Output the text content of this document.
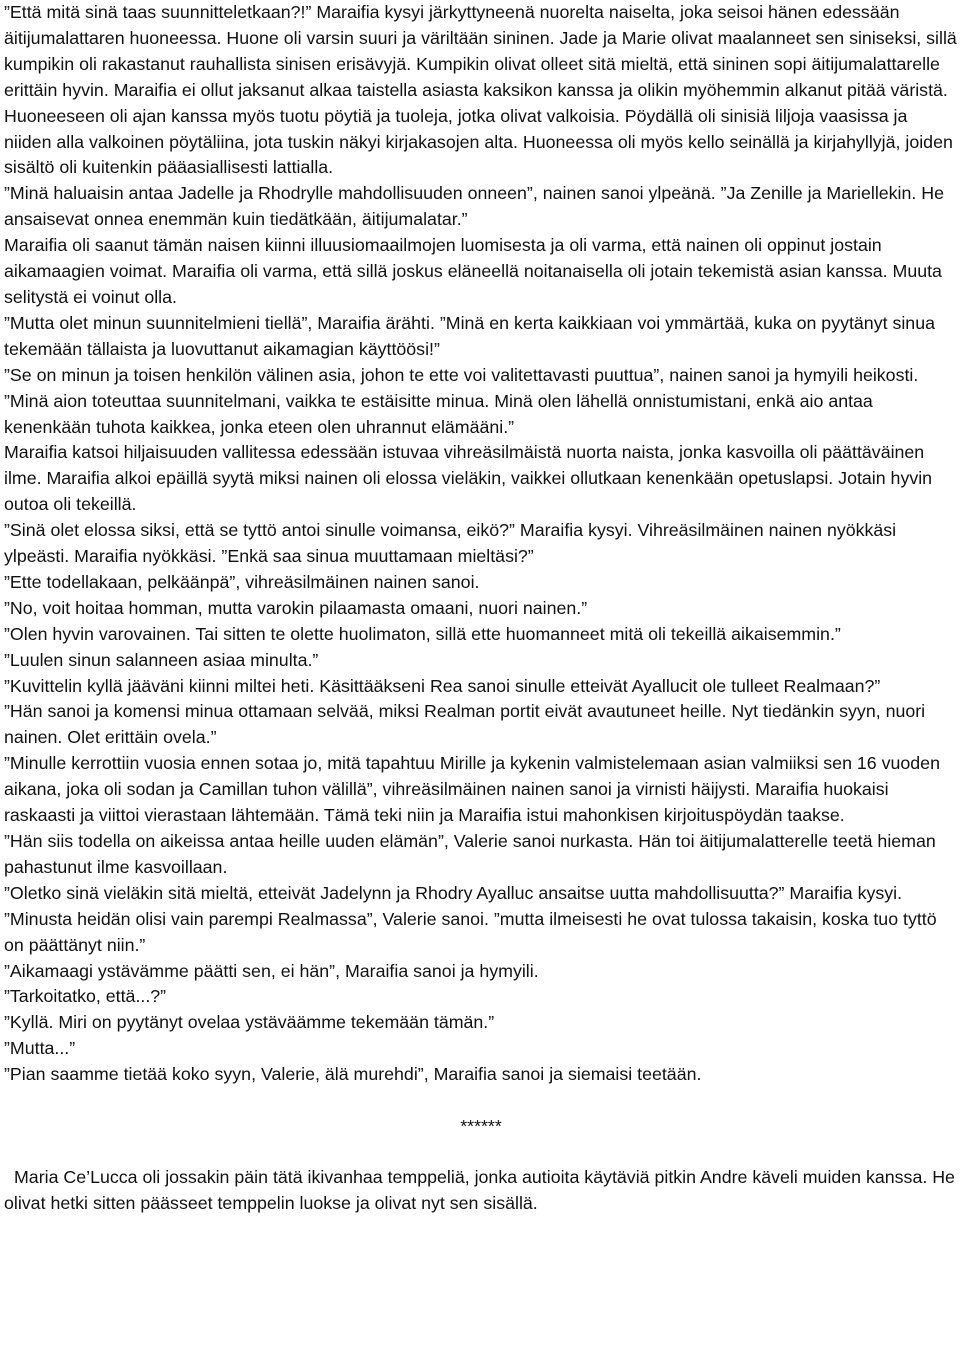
”Että mitä sinä taas suunnitteletkaan?!” Maraifia kysyi järkyttyneenä nuorelta naiselta, joka seisoi hänen edessään äitijumalattaren huoneessa. Huone oli varsin suuri ja väriltään sininen. Jade ja Marie olivat maalanneet sen siniseksi, sillä kumpikin oli rakastanut rauhallista sinisen erisävyjä. Kumpikin olivat olleet sitä mieltä, että sininen sopi äitijumalattarelle erittäin hyvin. Maraifia ei ollut jaksanut alkaa taistella asiasta kaksikon kanssa ja olikin myöhemmin alkanut pitää väristä. Huoneeseen oli ajan kanssa myös tuotu pöytiä ja tuoleja, jotka olivat valkoisia. Pöydällä oli sinisiä liljoja vaasissa ja niiden alla valkoinen pöytäliina, jota tuskin näkyi kirjakasojen alta. Huoneessa oli myös kello seinällä ja kirjahyllyjä, joiden sisältö oli kuitenkin pääasiallisesti lattialla.

”Minä haluaisin antaa Jadelle ja Rhodrylle mahdollisuuden onneen”, nainen sanoi ylpeänä. ”Ja Zenille ja Mariellekin. He ansaisevat onnea enemmän kuin tiedätkään, äitijumalatar.”

Maraifia oli saanut tämän naisen kiinni illuusiomaailmojen luomisesta ja oli varma, että nainen oli oppinut jostain aikamaagien voimat. Maraifia oli varma, että sillä joskus eläneellä noitanaisella oli jotain tekemistä asian kanssa. Muuta selitystä ei voinut olla.

”Mutta olet minun suunnitelmieni tiellä”, Maraifia ärähti. ”Minä en kerta kaikkiaan voi ymmärtää, kuka on pyytänyt sinua tekemään tällaista ja luovuttanut aikamagian käyttöösi!”

”Se on minun ja toisen henkilön välinen asia, johon te ette voi valitettavasti puuttua”, nainen sanoi ja hymyili heikosti. ”Minä aion toteuttaa suunnitelmani, vaikka te estäisitte minua. Minä olen lähellä onnistumistani, enkä aio antaa kenenkään tuhota kaikkea, jonka eteen olen uhrannut elämääni.”

Maraifia katsoi hiljaisuuden vallitessa edessään istuvaa vihreäsilmäistä nuorta naista, jonka kasvoilla oli päättäväinen ilme. Maraifia alkoi epäillä syytä miksi nainen oli elossa vieläkin, vaikkei ollutkaan kenenkään opetuslapsi. Jotain hyvin outoa oli tekeillä.

”Sinä olet elossa siksi, että se tyttö antoi sinulle voimansa, eikö?” Maraifia kysyi. Vihreäsilmäinen nainen nyökkäsi ylpeästi. Maraifia nyökkäsi. ”Enkä saa sinua muuttamaan mieltäsi?”

”Ette todellakaan, pelkäänpä”, vihreäsilmäinen nainen sanoi.

”No, voit hoitaa homman, mutta varokin pilaamasta omaani, nuori nainen.”

”Olen hyvin varovainen. Tai sitten te olette huolimaton, sillä ette huomanneet mitä oli tekeillä aikaisemmin.”

”Luulen sinun salanneen asiaa minulta.”

”Kuvittelin kyllä jääväni kiinni miltei heti. Käsittääkseni Rea sanoi sinulle etteivät Ayallucit ole tulleet Realmaan?”

”Hän sanoi ja komensi minua ottamaan selvää, miksi Realman portit eivät avautuneet heille. Nyt tiedänkin syyn, nuori nainen. Olet erittäin ovela.”

”Minulle kerrottiin vuosia ennen sotaa jo, mitä tapahtuu Mirille ja kykenin valmistelemaan asian valmiiksi sen 16 vuoden aikana, joka oli sodan ja Camillan tuhon välillä”, vihreäsilmäinen nainen sanoi ja virnisti häijysti. Maraifia huokaisi raskaasti ja viittoi vierastaan lähtemään. Tämä teki niin ja Maraifia istui mahonkisen kirjoituspöydän taakse.

”Hän siis todella on aikeissa antaa heille uuden elämän”, Valerie sanoi nurkasta. Hän toi äitijumalatterelle teetä hieman pahastunut ilme kasvoillaan.

”Oletko sinä vieläkin sitä mieltä, etteivät Jadelynn ja Rhodry Ayalluc ansaitse uutta mahdollisuutta?” Maraifia kysyi.

”Minusta heidän olisi vain parempi Realmassa”, Valerie sanoi. ”mutta ilmeisesti he ovat tulossa takaisin, koska tuo tyttö on päättänyt niin.”

”Aikamaagi ystävämme päätti sen, ei hän”, Maraifia sanoi ja hymyili.

”Tarkoitatko, että...?”

”Kyllä. Miri on pyytänyt ovelaa ystäväämme tekemään tämän.”

”Mutta...”

”Pian saamme tietää koko syyn, Valerie, älä murehdi”, Maraifia sanoi ja siemaisi teetään.

******

Maria Ce’Lucca oli jossakin päin tätä ikivanhaa temppeliä, jonka autioita käytäviä pitkin Andre käveli muiden kanssa. He olivat hetki sitten päässeet temppelin luokse ja olivat nyt sen sisällä.
